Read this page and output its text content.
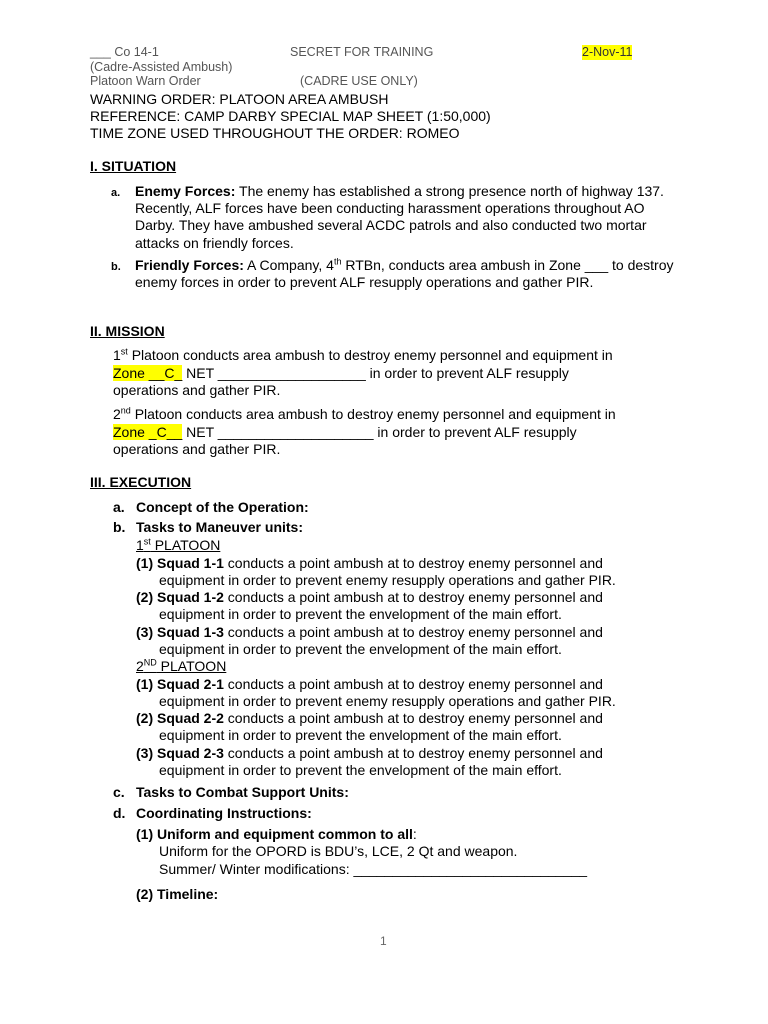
___ Co 14-1	SECRET FOR TRAINING	2-Nov-11
(Cadre-Assisted Ambush)
Platoon Warn Order	(CADRE USE ONLY)
WARNING ORDER: PLATOON AREA AMBUSH
REFERENCE: CAMP DARBY SPECIAL MAP SHEET (1:50,000)
TIME ZONE USED THROUGHOUT THE ORDER: ROMEO
I. SITUATION
a. Enemy Forces: The enemy has established a strong presence north of highway 137. Recently, ALF forces have been conducting harassment operations throughout AO Darby. They have ambushed several ACDC patrols and also conducted two mortar attacks on friendly forces.
b. Friendly Forces: A Company, 4th RTBn, conducts area ambush in Zone ___ to destroy enemy forces in order to prevent ALF resupply operations and gather PIR.
II. MISSION
1st Platoon conducts area ambush to destroy enemy personnel and equipment in
Zone __C_ NET ___________________ in order to prevent ALF resupply
operations and gather PIR.
2nd Platoon conducts area ambush to destroy enemy personnel and equipment in
Zone _C__ NET ____________________ in order to prevent ALF resupply
operations and gather PIR.
III. EXECUTION
a. Concept of the Operation:
b. Tasks to Maneuver units:
1st PLATOON
(1) Squad 1-1 conducts a point ambush at to destroy enemy personnel and
equipment in order to prevent enemy resupply operations and gather PIR.
(2) Squad 1-2 conducts a point ambush at to destroy enemy personnel and
equipment in order to prevent the envelopment of the main effort.
(3) Squad 1-3 conducts a point ambush at to destroy enemy personnel and
equipment in order to prevent the envelopment of the main effort.
2ND PLATOON
(1) Squad 2-1 conducts a point ambush at to destroy enemy personnel and
equipment in order to prevent enemy resupply operations and gather PIR.
(2) Squad 2-2 conducts a point ambush at to destroy enemy personnel and
equipment in order to prevent the envelopment of the main effort.
(3) Squad 2-3 conducts a point ambush at to destroy enemy personnel and
equipment in order to prevent the envelopment of the main effort.
c. Tasks to Combat Support Units:
d. Coordinating Instructions:
(1) Uniform and equipment common to all:
Uniform for the OPORD is BDU’s, LCE, 2 Qt and weapon.
Summer/ Winter modifications: ______________________________
(2) Timeline:
1
